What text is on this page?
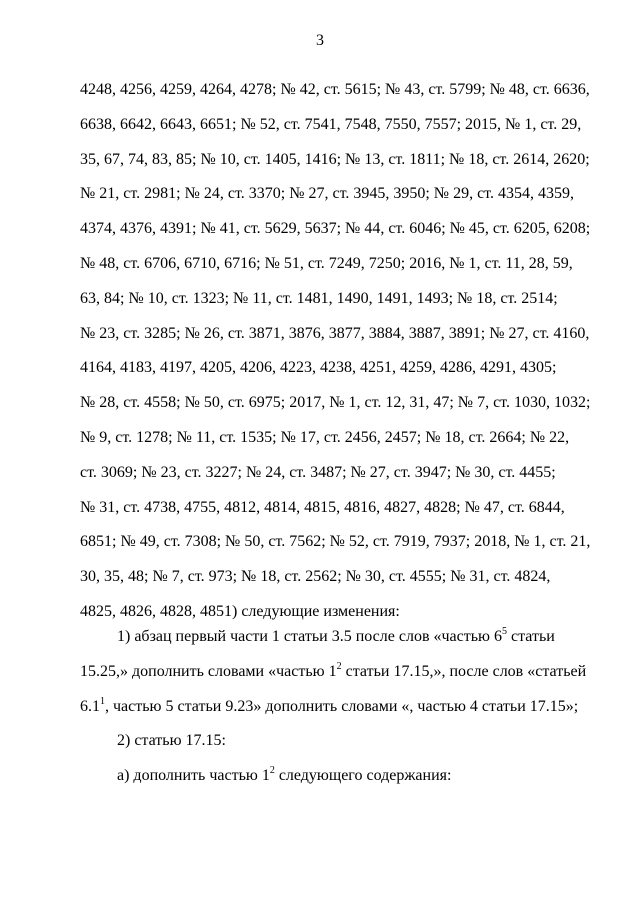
3
4248, 4256, 4259, 4264, 4278; № 42, ст. 5615; № 43, ст. 5799; № 48, ст. 6636,
6638, 6642, 6643, 6651; № 52, ст. 7541, 7548, 7550, 7557; 2015, № 1, ст. 29,
35, 67, 74, 83, 85; № 10, ст. 1405, 1416; № 13, ст. 1811; № 18, ст. 2614, 2620;
№ 21, ст. 2981; № 24, ст. 3370; № 27, ст. 3945, 3950; № 29, ст. 4354, 4359,
4374, 4376, 4391; № 41, ст. 5629, 5637; № 44, ст. 6046; № 45, ст. 6205, 6208;
№ 48, ст. 6706, 6710, 6716; № 51, ст. 7249, 7250; 2016, № 1, ст. 11, 28, 59,
63, 84; № 10, ст. 1323; № 11, ст. 1481, 1490, 1491, 1493; № 18, ст. 2514;
№ 23, ст. 3285; № 26, ст. 3871, 3876, 3877, 3884, 3887, 3891; № 27, ст. 4160,
4164, 4183, 4197, 4205, 4206, 4223, 4238, 4251, 4259, 4286, 4291, 4305;
№ 28, ст. 4558; № 50, ст. 6975; 2017, № 1, ст. 12, 31, 47; № 7, ст. 1030, 1032;
№ 9, ст. 1278; № 11, ст. 1535; № 17, ст. 2456, 2457; № 18, ст. 2664; № 22,
ст. 3069; № 23, ст. 3227; № 24, ст. 3487; № 27, ст. 3947; № 30, ст. 4455;
№ 31, ст. 4738, 4755, 4812, 4814, 4815, 4816, 4827, 4828; № 47, ст. 6844,
6851; № 49, ст. 7308; № 50, ст. 7562; № 52, ст. 7919, 7937; 2018, № 1, ст. 21,
30, 35, 48; № 7, ст. 973; № 18, ст. 2562; № 30, ст. 4555; № 31, ст. 4824,
4825, 4826, 4828, 4851) следующие изменения:
1) абзац первый части 1 статьи 3.5 после слов «частью $6^5$ статьи
15.25,» дополнить словами «частью $1^2$ статьи 17.15,», после слов «статьей
$6.1^1$, частью 5 статьи 9.23» дополнить словами «, частью 4 статьи 17.15»;
2) статью 17.15:
а) дополнить частью $1^2$ следующего содержания:
